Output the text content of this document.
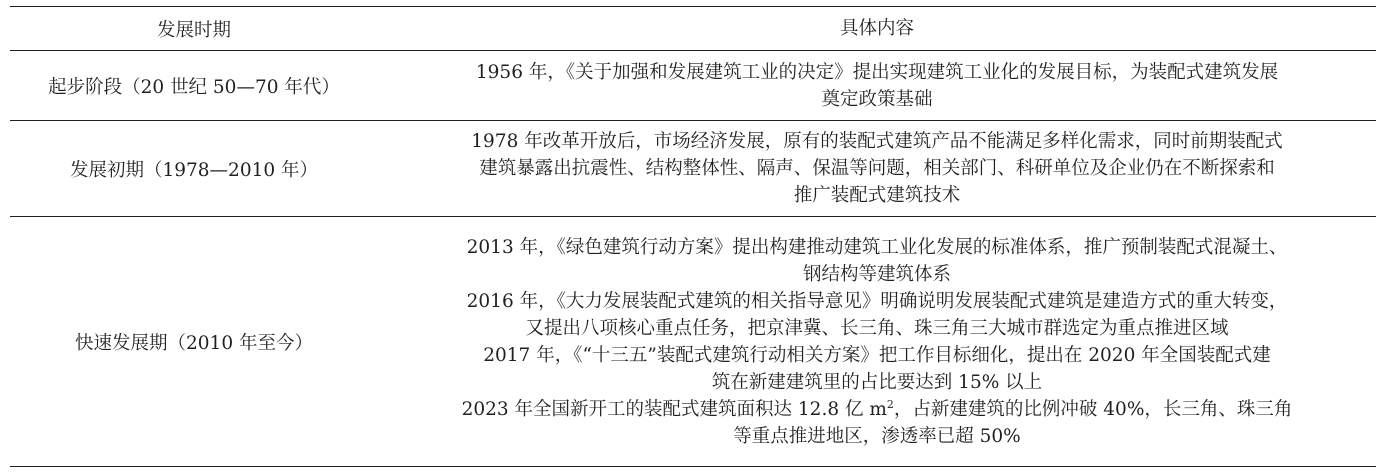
发展时期	具体内容
起步阶段（20 世纪 50—70 年代）
1956 年，《关于加强和发展建筑工业的决定》提出实现建筑工业化的发展目标，为装配式建筑发展
奠定政策基础
发展初期（1978—2010 年）
1978 年改革开放后，市场经济发展，原有的装配式建筑产品不能满足多样化需求，同时前期装配式
建筑暴露出抗震性、结构整体性、隔声、保温等问题，相关部门、科研单位及企业仍在不断探索和
推广装配式建筑技术
快速发展期（2010 年至今）
2013 年，《绿色建筑行动方案》提出构建推动建筑工业化发展的标准体系，推广预制装配式混凝土、
钢结构等建筑体系
2016 年，《大力发展装配式建筑的相关指导意见》明确说明发展装配式建筑是建造方式的重大转变，
又提出八项核心重点任务，把京津冀、长三角、珠三角三大城市群选定为重点推进区域
2017 年，《“十三五”装配式建筑行动相关方案》把工作目标细化，提出在 2020 年全国装配式建
筑在新建建筑里的占比要达到 15% 以上
2023 年全国新开工的装配式建筑面积达 12.8 亿 $m^2$，占新建建筑的比例冲破 40%，长三角、珠三角
等重点推进地区，渗透率已超 50%
